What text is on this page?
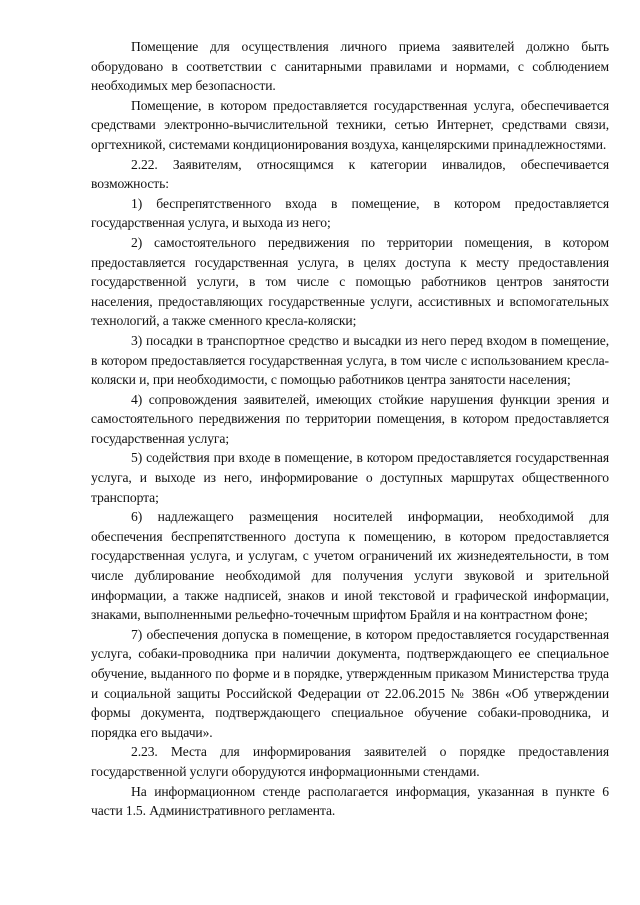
Помещение для осуществления личного приема заявителей должно быть оборудовано в соответствии с санитарными правилами и нормами, с соблюдением необходимых мер безопасности.

Помещение, в котором предоставляется государственная услуга, обеспечивается средствами электронно-вычислительной техники, сетью Интернет, средствами связи, оргтехникой, системами кондиционирования воздуха, канцелярскими принадлежностями.

2.22. Заявителям, относящимся к категории инвалидов, обеспечивается возможность:

1) беспрепятственного входа в помещение, в котором предоставляется государственная услуга, и выхода из него;

2) самостоятельного передвижения по территории помещения, в котором предоставляется государственная услуга, в целях доступа к месту предоставления государственной услуги, в том числе с помощью работников центров занятости населения, предоставляющих государственные услуги, ассистивных и вспомогательных технологий, а также сменного кресла-коляски;

3) посадки в транспортное средство и высадки из него перед входом в помещение, в котором предоставляется государственная услуга, в том числе с использованием кресла-коляски и, при необходимости, с помощью работников центра занятости населения;

4) сопровождения заявителей, имеющих стойкие нарушения функции зрения и самостоятельного передвижения по территории помещения, в котором предоставляется государственная услуга;

5) содействия при входе в помещение, в котором предоставляется государственная услуга, и выходе из него, информирование о доступных маршрутах общественного транспорта;

6) надлежащего размещения носителей информации, необходимой для обеспечения беспрепятственного доступа к помещению, в котором предоставляется государственная услуга, и услугам, с учетом ограничений их жизнедеятельности, в том числе дублирование необходимой для получения услуги звуковой и зрительной информации, а также надписей, знаков и иной текстовой и графической информации, знаками, выполненными рельефно-точечным шрифтом Брайля и на контрастном фоне;

7) обеспечения допуска в помещение, в котором предоставляется государственная услуга, собаки-проводника при наличии документа, подтверждающего ее специальное обучение, выданного по форме и в порядке, утвержденным приказом Министерства труда и социальной защиты Российской Федерации от 22.06.2015 № 386н «Об утверждении формы документа, подтверждающего специальное обучение собаки-проводника, и порядка его выдачи».

2.23. Места для информирования заявителей о порядке предоставления государственной услуги оборудуются информационными стендами.

На информационном стенде располагается информация, указанная в пункте 6 части 1.5. Административного регламента.
